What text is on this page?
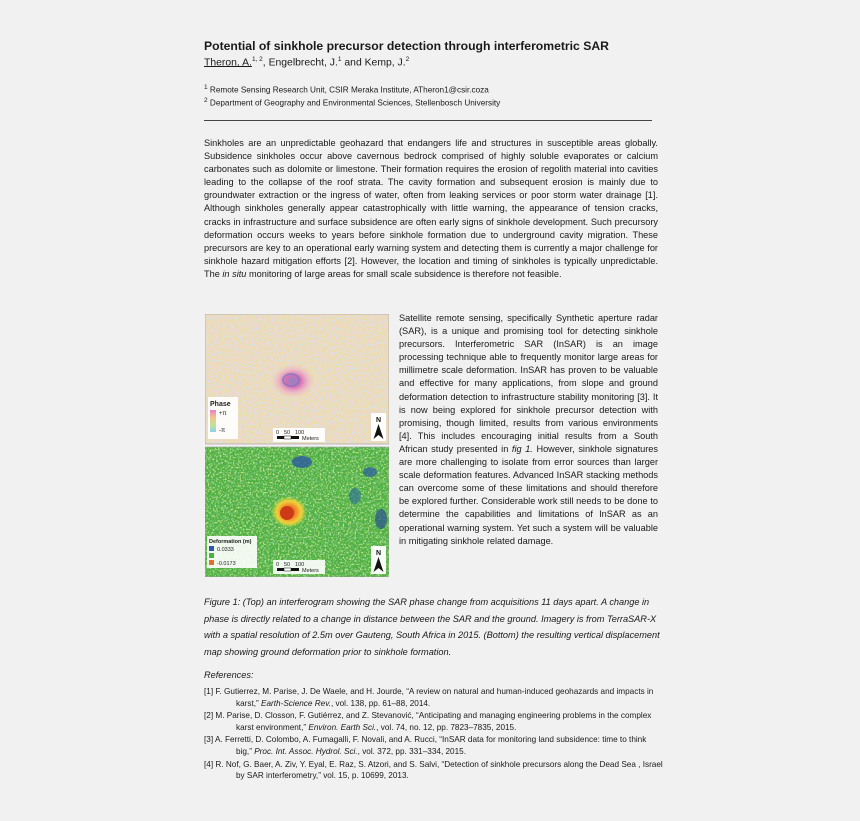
Potential of sinkhole precursor detection through interferometric SAR
Theron, A.$^{1, 2}$, Engelbrecht, J.$^1$ and Kemp, J.$^2$
$^1$ Remote Sensing Research Unit, CSIR Meraka Institute, ATheron1@csir.coza
$^2$ Department of Geography and Environmental Sciences, Stellenbosch University
Sinkholes are an unpredictable geohazard that endangers life and structures in susceptible areas globally. Subsidence sinkholes occur above cavernous bedrock comprised of highly soluble evaporates or calcium carbonates such as dolomite or limestone. Their formation requires the erosion of regolith material into cavities leading to the collapse of the roof strata. The cavity formation and subsequent erosion is mainly due to groundwater extraction or the ingress of water, often from leaking services or poor storm water drainage [1]. Although sinkholes generally appear catastrophically with little warning, the appearance of tension cracks, cracks in infrastructure and surface subsidence are often early signs of sinkhole development. Such precursory deformation occurs weeks to years before sinkhole formation due to underground cavity migration. These precursors are key to an operational early warning system and detecting them is currently a major challenge for sinkhole hazard mitigation efforts [2]. However, the location and timing of sinkholes is typically unpredictable. The in situ monitoring of large areas for small scale subsidence is therefore not feasible.
Phase
+π
-π	0 50 100
Meters
N
Deformation (m)
0.0333
-0.0173	0 50 100
Meters
N
Satellite remote sensing, specifically Synthetic aperture radar (SAR), is a unique and promising tool for detecting sinkhole precursors. Interferometric SAR (InSAR) is an image processing technique able to frequently monitor large areas for millimetre scale deformation. InSAR has proven to be valuable and effective for many applications, from slope and ground deformation detection to infrastructure stability monitoring [3]. It is now being explored for sinkhole precursor detection with promising, though limited, results from various environments [4]. This includes encouraging initial results from a South African study presented in fig 1. However, sinkhole signatures are more challenging to isolate from error sources than larger scale deformation features. Advanced InSAR stacking methods can overcome some of these limitations and should therefore be explored further. Considerable work still needs to be done to determine the capabilities and limitations of InSAR as an operational warning system. Yet such a system will be valuable in mitigating sinkhole related damage.
Figure 1: (Top) an interferogram showing the SAR phase change from acquisitions 11 days apart. A change in phase is directly related to a change in distance between the SAR and the ground. Imagery is from TerraSAR-X with a spatial resolution of 2.5m over Gauteng, South Africa in 2015. (Bottom) the resulting vertical displacement map showing ground deformation prior to sinkhole formation.
References:
[1] F. Gutierrez, M. Parise, J. De Waele, and H. Jourde, “A review on natural and human-induced geohazards and impacts in karst,” Earth-Science Rev., vol. 138, pp. 61–88, 2014.
[2] M. Parise, D. Closson, F. Gutiérrez, and Z. Stevanović, “Anticipating and managing engineering problems in the complex karst environment,” Environ. Earth Sci., vol. 74, no. 12, pp. 7823–7835, 2015.
[3] A. Ferretti, D. Colombo, A. Fumagalli, F. Novali, and A. Rucci, “InSAR data for monitoring land subsidence: time to think big,” Proc. Int. Assoc. Hydrol. Sci., vol. 372, pp. 331–334, 2015.
[4] R. Nof, G. Baer, A. Ziv, Y. Eyal, E. Raz, S. Atzori, and S. Salvi, “Detection of sinkhole precursors along the Dead Sea , Israel by SAR interferometry,” vol. 15, p. 10699, 2013.
